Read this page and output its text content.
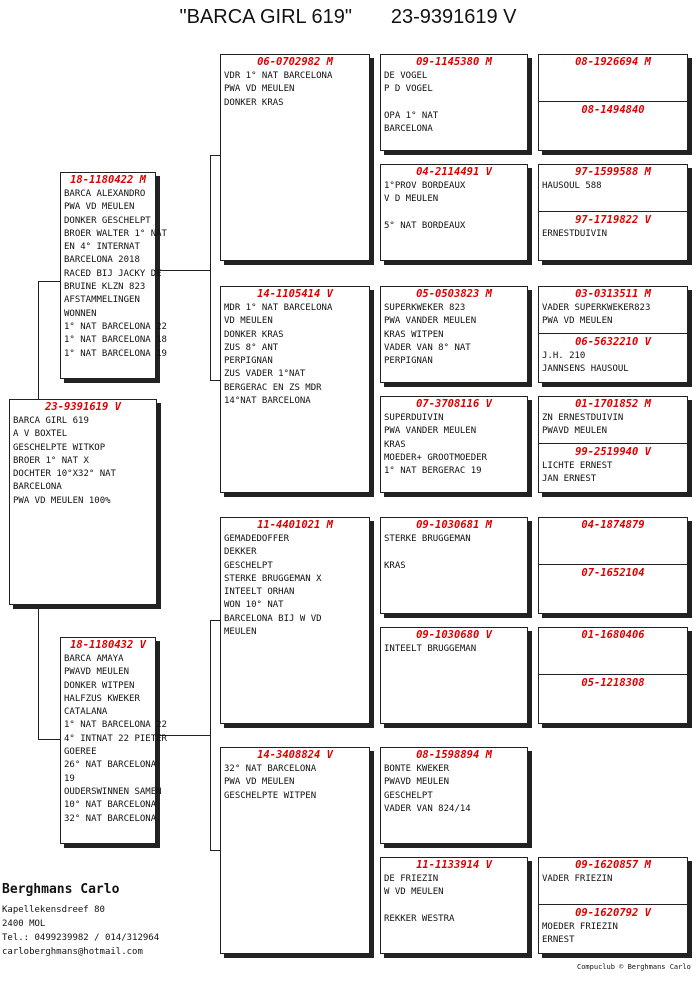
"BARCA GIRL 619" 23-9391619 V
23-9391619 V
BARCA GIRL 619
A V BOXTEL
GESCHELPTE WITKOP
BROER 1° NAT X
DOCHTER 10°X32° NAT
BARCELONA
PWA VD MEULEN 100%
18-1180422 M
BARCA ALEXANDRO
PWA VD MEULEN
DONKER GESCHELPT
BROER WALTER 1° NAT
EN 4° INTERNAT
BARCELONA 2018
RACED BIJ JACKY DE
BRUINE KLZN 823
AFSTAMMELINGEN
WONNEN
1° NAT BARCELONA 22
1° NAT BARCELONA 18
1° NAT BARCELONA 19
18-1180432 V
BARCA AMAYA
PWAVD MEULEN
DONKER WITPEN
HALFZUS KWEKER
CATALANA
1° NAT BARCELONA 22
4° INTNAT 22 PIETER
GOEREE
26° NAT BARCELONA
19
OUDERSWINNEN SAMEN
10° NAT BARCELONA
32° NAT BARCELONA
06-0702982 M
VDR 1° NAT BARCELONA
PWA VD MEULEN
DONKER KRAS
14-1105414 V
MDR 1° NAT BARCELONA
VD MEULEN
DONKER KRAS
ZUS 8° ANT
PERPIGNAN
ZUS VADER 1°NAT
BERGERAC EN ZS MDR
14°NAT BARCELONA
11-4401021 M
GEMADEDOFFER
DEKKER
GESCHELPT
STERKE BRUGGEMAN X
INTEELT ORHAN
WON 10° NAT
BARCELONA BIJ W VD
MEULEN
14-3408824 V
32° NAT BARCELONA
PWA VD MEULEN
GESCHELPTE WITPEN
09-1145380 M
DE VOGEL
P D VOGEL

OPA 1° NAT
BARCELONA
04-2114491 V
1°PROV BORDEAUX
V D MEULEN

5° NAT BORDEAUX
05-0503823 M
SUPERKWEKER 823
PWA VANDER MEULEN
KRAS WITPEN
VADER VAN 8° NAT
PERPIGNAN
07-3708116 V
SUPERDUIVIN
PWA VANDER MEULEN
KRAS
MOEDER+ GROOTMOEDER
1° NAT BERGERAC 19
09-1030681 M
STERKE BRUGGEMAN

KRAS
09-1030680 V
INTEELT BRUGGEMAN
08-1598894 M
BONTE KWEKER
PWAVD MEULEN
GESCHELPT
VADER VAN 824/14
11-1133914 V
DE FRIEZIN
W VD MEULEN

REKKER WESTRA
08-1926694 M
08-1494840
97-1599588 M
HAUSOUL 588
97-1719822 V
ERNESTDUIVIN
03-0313511 M
VADER SUPERKWEKER823
PWA VD MEULEN
06-5632210 V
J.H. 210
JANNSENS HAUSOUL
01-1701852 M
ZN ERNESTDUIVIN
PWAVD MEULEN
99-2519940 V
LICHTE ERNEST
JAN ERNEST
04-1874879
07-1652104
01-1680406
05-1218308
09-1620857 M
VADER FRIEZIN
09-1620792 V
MOEDER FRIEZIN
ERNEST
Berghmans Carlo
Kapellekensdreef 80
2400 MOL
Tel.: 0499239982 / 014/312964
carloberghmans@hotmail.com
Compuclub © Berghmans Carlo
